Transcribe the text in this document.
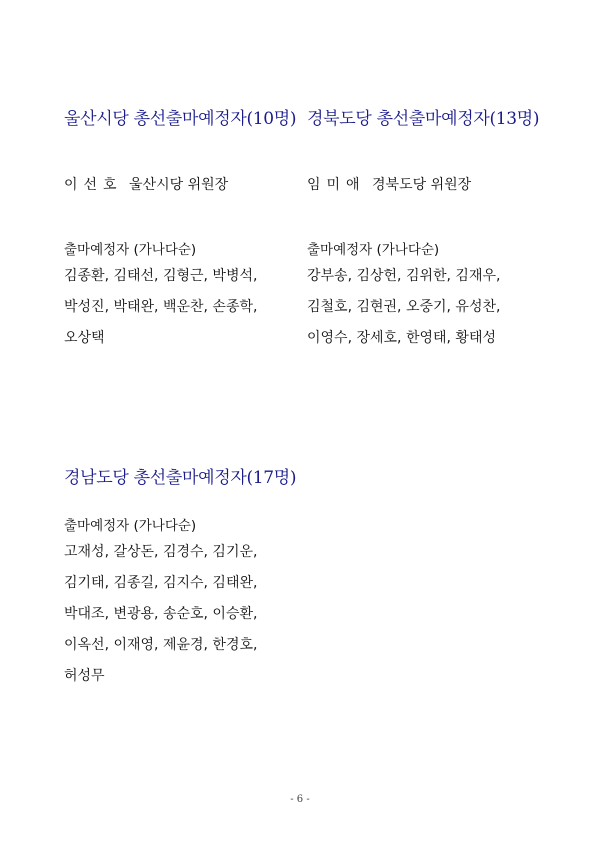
울산시당 총선출마예정자(10명)
이선호 울산시당 위원장
출마예정자 (가나다순)
김종환, 김태선, 김형근, 박병석,
박성진, 박태완, 백운찬, 손종학,
오상택
경북도당 총선출마예정자(13명)
임미애 경북도당 위원장
출마예정자 (가나다순)
강부송, 김상헌, 김위한, 김재우,
김철호, 김현권, 오중기, 유성찬,
이영수, 장세호, 한영태, 황태성
경남도당 총선출마예정자(17명)
출마예정자 (가나다순)
고재성, 갈상돈, 김경수, 김기운,
김기태, 김종길, 김지수, 김태완,
박대조, 변광용, 송순호, 이승환,
이옥선, 이재영, 제윤경, 한경호,
허성무
- 6 -
